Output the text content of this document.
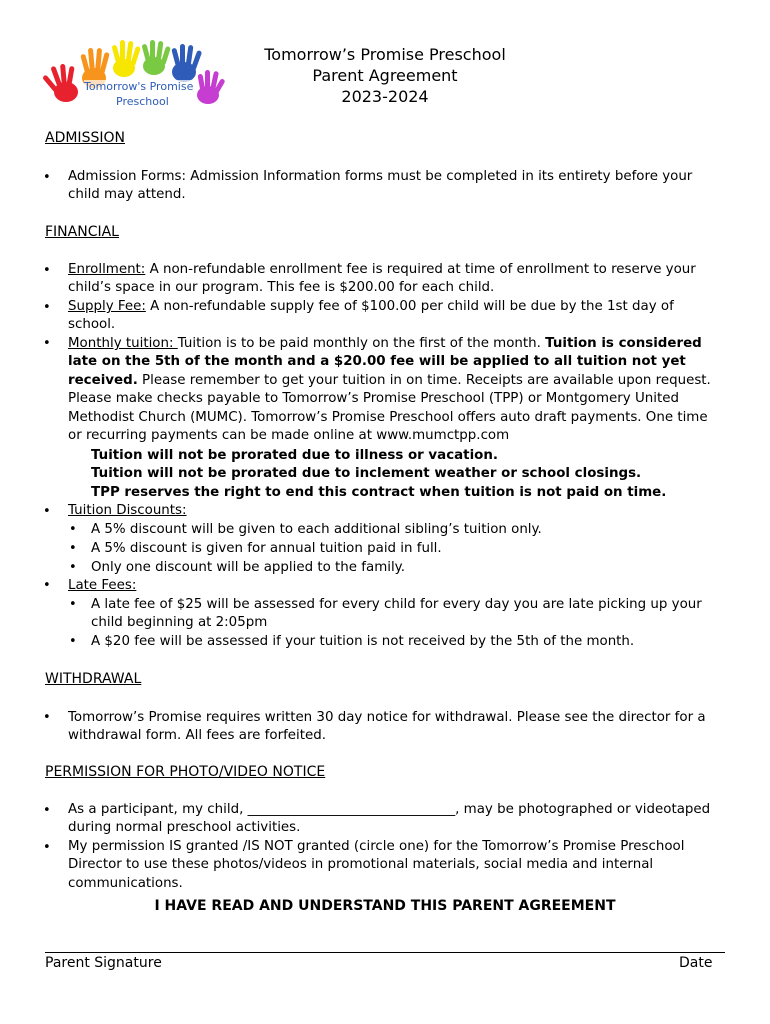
Tomorrow's Promise
Preschool
Tomorrow’s Promise Preschool
Parent Agreement
2023-2024
ADMISSION
• Admission Forms: Admission Information forms must be completed in its entirety before your child may attend.
FINANCIAL
• Enrollment: A non-refundable enrollment fee is required at time of enrollment to reserve your child’s space in our program. This fee is $200.00 for each child.
• Supply Fee: A non-refundable supply fee of $100.00 per child will be due by the 1st day of school.
• Monthly tuition: Tuition is to be paid monthly on the first of the month. Tuition is considered late on the 5th of the month and a $20.00 fee will be applied to all tuition not yet received. Please remember to get your tuition in on time. Receipts are available upon request. Please make checks payable to Tomorrow’s Promise Preschool (TPP) or Montgomery United Methodist Church (MUMC). Tomorrow’s Promise Preschool offers auto draft payments. One time or recurring payments can be made online at www.mumctpp.com
Tuition will not be prorated due to illness or vacation.
Tuition will not be prorated due to inclement weather or school closings.
TPP reserves the right to end this contract when tuition is not paid on time.
• Tuition Discounts:
• A 5% discount will be given to each additional sibling’s tuition only.
• A 5% discount is given for annual tuition paid in full.
• Only one discount will be applied to the family.
• Late Fees:
• A late fee of $25 will be assessed for every child for every day you are late picking up your child beginning at 2:05pm
• A $20 fee will be assessed if your tuition is not received by the 5th of the month.
WITHDRAWAL
• Tomorrow’s Promise requires written 30 day notice for withdrawal. Please see the director for a withdrawal form. All fees are forfeited.
PERMISSION FOR PHOTO/VIDEO NOTICE
• As a participant, my child, _______________________________, may be photographed or videotaped during normal preschool activities.
• My permission IS granted /IS NOT granted (circle one) for the Tomorrow’s Promise Preschool Director to use these photos/videos in promotional materials, social media and internal communications.
I HAVE READ AND UNDERSTAND THIS PARENT AGREEMENT
Parent Signature	Date
